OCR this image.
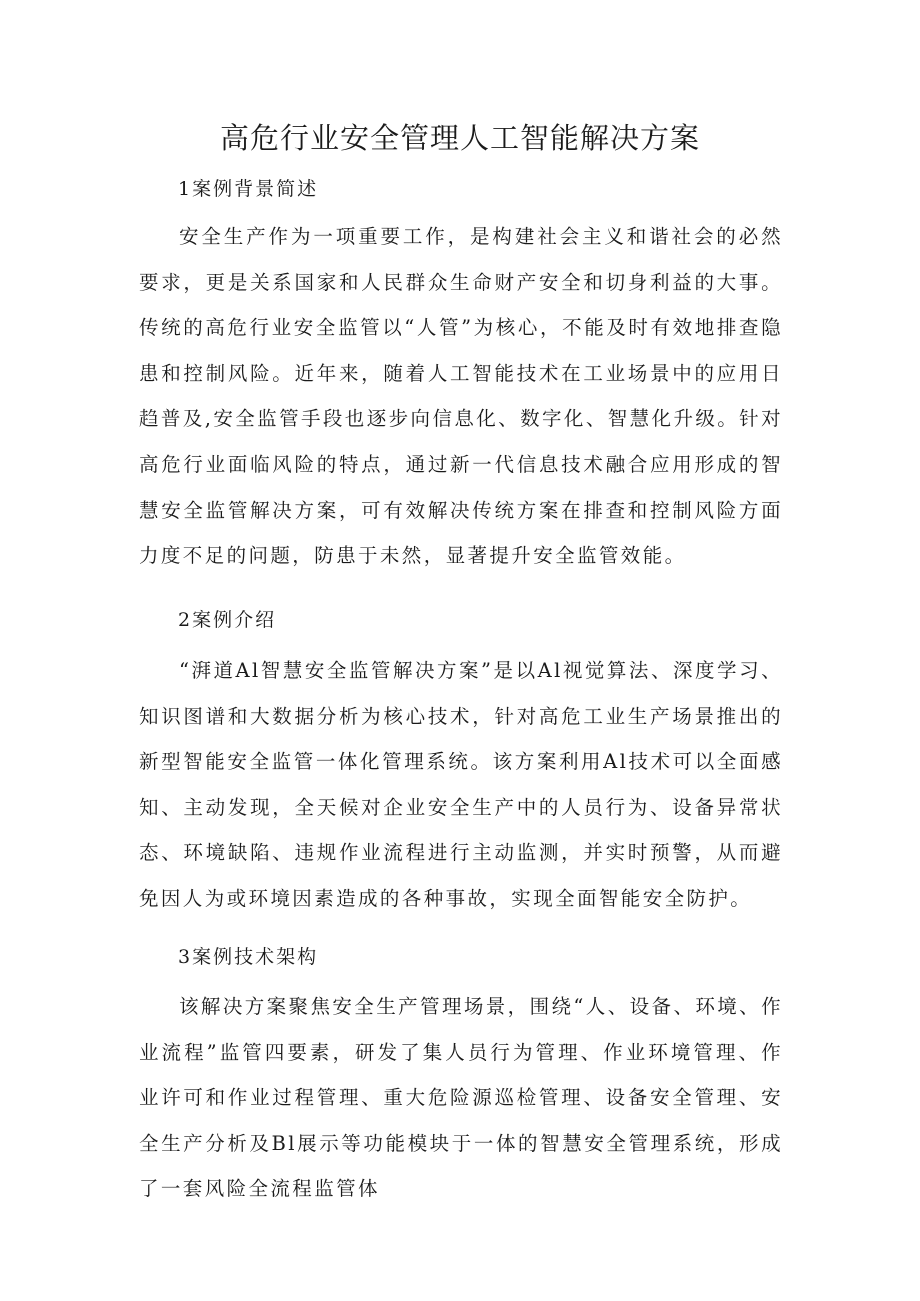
高危行业安全管理人工智能解决方案
1案例背景简述

安全生产作为一项重要工作，是构建社会主义和谐社会的必然要求，更是关系国家和人民群众生命财产安全和切身利益的大事。传统的高危行业安全监管以“人管”为核心，不能及时有效地排查隐患和控制风险。近年来，随着人工智能技术在工业场景中的应用日趋普及,安全监管手段也逐步向信息化、数字化、智慧化升级。针对高危行业面临风险的特点，通过新一代信息技术融合应用形成的智慧安全监管解决方案，可有效解决传统方案在排查和控制风险方面力度不足的问题，防患于未然，显著提升安全监管效能。

2案例介绍

“湃道Al智慧安全监管解决方案”是以Al视觉算法、深度学习、知识图谱和大数据分析为核心技术，针对高危工业生产场景推出的新型智能安全监管一体化管理系统。该方案利用Al技术可以全面感知、主动发现，全天候对企业安全生产中的人员行为、设备异常状态、环境缺陷、违规作业流程进行主动监测，并实时预警，从而避免因人为或环境因素造成的各种事故，实现全面智能安全防护。

3案例技术架构

该解决方案聚焦安全生产管理场景，围绕“人、设备、环境、作业流程”监管四要素，研发了集人员行为管理、作业环境管理、作业许可和作业过程管理、重大危险源巡检管理、设备安全管理、安全生产分析及Bl展示等功能模块于一体的智慧安全管理系统，形成了一套风险全流程监管体
